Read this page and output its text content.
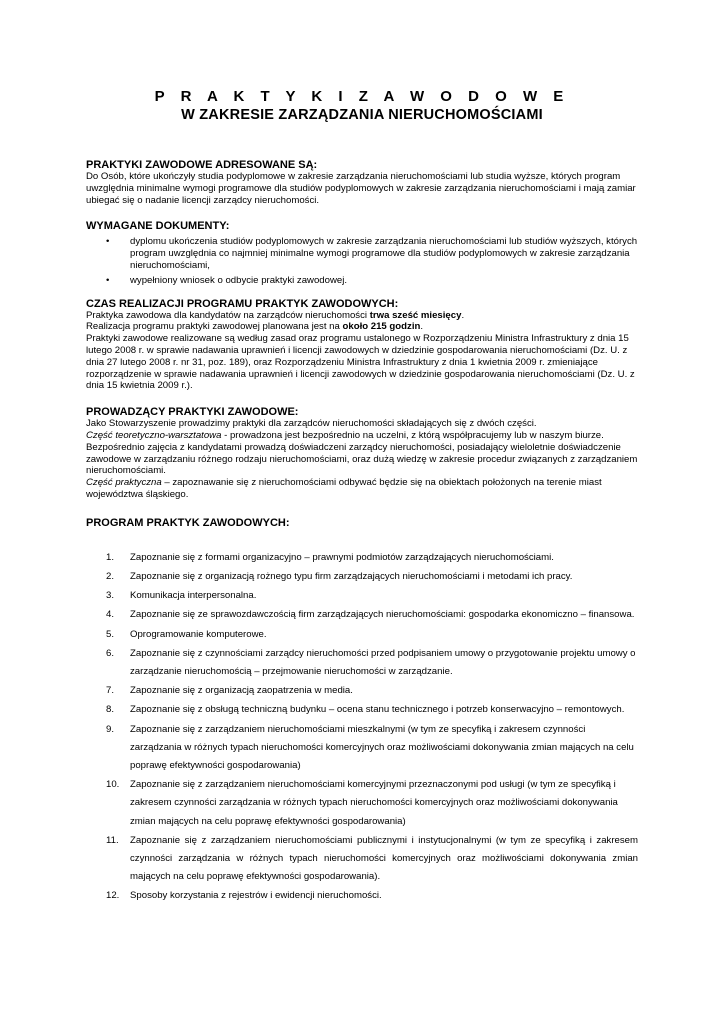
P R A K T Y K I Z A W O D O W E
W ZAKRESIE ZARZĄDZANIA NIERUCHOMOŚCIAMI

PRAKTYKI ZAWODOWE ADRESOWANE SĄ:

Do Osób, które ukończyły studia podyplomowe w zakresie zarządzania nieruchomościami lub studia wyższe, których program uwzględnia minimalne wymogi programowe dla studiów podyplomowych w zakresie zarządzania nieruchomościami i mają zamiar ubiegać się o nadanie licencji zarządcy nieruchomości.

WYMAGANE DOKUMENTY:

• dyplomu ukończenia studiów podyplomowych w zakresie zarządzania nieruchomościami lub studiów wyższych, których program uwzględnia co najmniej minimalne wymogi programowe dla studiów podyplomowych w zakresie zarządzania nieruchomościami,
• wypełniony wniosek o odbycie praktyki zawodowej.

CZAS REALIZACJI PROGRAMU PRAKTYK ZAWODOWYCH:

Praktyka zawodowa dla kandydatów na zarządców nieruchomości trwa sześć miesięcy.

Realizacja programu praktyki zawodowej planowana jest na około 215 godzin.

Praktyki zawodowe realizowane są według zasad oraz programu ustalonego w Rozporządzeniu Ministra Infrastruktury z dnia 15 lutego 2008 r. w sprawie nadawania uprawnień i licencji zawodowych w dziedzinie gospodarowania nieruchomościami (Dz. U. z dnia 27 lutego 2008 r. nr 31, poz. 189), oraz Rozporządzeniu Ministra Infrastruktury z dnia 1 kwietnia 2009 r. zmieniające rozporządzenie w sprawie nadawania uprawnień i licencji zawodowych w dziedzinie gospodarowania nieruchomościami (Dz. U. z dnia 15 kwietnia 2009 r.).

PROWADZĄCY PRAKTYKI ZAWODOWE:

Jako Stowarzyszenie prowadzimy praktyki dla zarządców nieruchomości składających się z dwóch części.

Część teoretyczno-warsztatowa - prowadzona jest bezpośrednio na uczelni, z którą współpracujemy lub w naszym biurze. Bezpośrednio zajęcia z kandydatami prowadzą doświadczeni zarządcy nieruchomości, posiadający wieloletnie doświadczenie zawodowe w zarządzaniu różnego rodzaju nieruchomościami, oraz dużą wiedzę w zakresie procedur związanych z zarządzaniem nieruchomościami.

Część praktyczna – zapoznawanie się z nieruchomościami odbywać będzie się na obiektach położonych na terenie miast województwa śląskiego.

PROGRAM PRAKTYK ZAWODOWYCH:

1. Zapoznanie się z formami organizacyjno – prawnymi podmiotów zarządzających nieruchomościami.
2. Zapoznanie się z organizacją rożnego typu firm zarządzających nieruchomościami i metodami ich pracy.
3. Komunikacja interpersonalna.
4. Zapoznanie się ze sprawozdawczością firm zarządzających nieruchomościami: gospodarka ekonomiczno – finansowa.
5. Oprogramowanie komputerowe.
6. Zapoznanie się z czynnościami zarządcy nieruchomości przed podpisaniem umowy o przygotowanie projektu umowy o zarządzanie nieruchomością – przejmowanie nieruchomości w zarządzanie.
7. Zapoznanie się z organizacją zaopatrzenia w media.
8. Zapoznanie się z obsługą techniczną budynku – ocena stanu technicznego i potrzeb konserwacyjno – remontowych.
9. Zapoznanie się z zarządzaniem nieruchomościami mieszkalnymi (w tym ze specyfiką i zakresem czynności zarządzania w różnych typach nieruchomości komercyjnych oraz możliwościami dokonywania zmian mających na celu poprawę efektywności gospodarowania)
10. Zapoznanie się z zarządzaniem nieruchomościami komercyjnymi przeznaczonymi pod usługi (w tym ze specyfiką i zakresem czynności zarządzania w różnych typach nieruchomości komercyjnych oraz możliwościami dokonywania zmian mających na celu poprawę efektywności gospodarowania)
11. Zapoznanie się z zarządzaniem nieruchomościami publicznymi i instytucjonalnymi (w tym ze specyfiką i zakresem czynności zarządzania w różnych typach nieruchomości komercyjnych oraz możliwościami dokonywania zmian mających na celu poprawę efektywności gospodarowania).
12. Sposoby korzystania z rejestrów i ewidencji nieruchomości.
